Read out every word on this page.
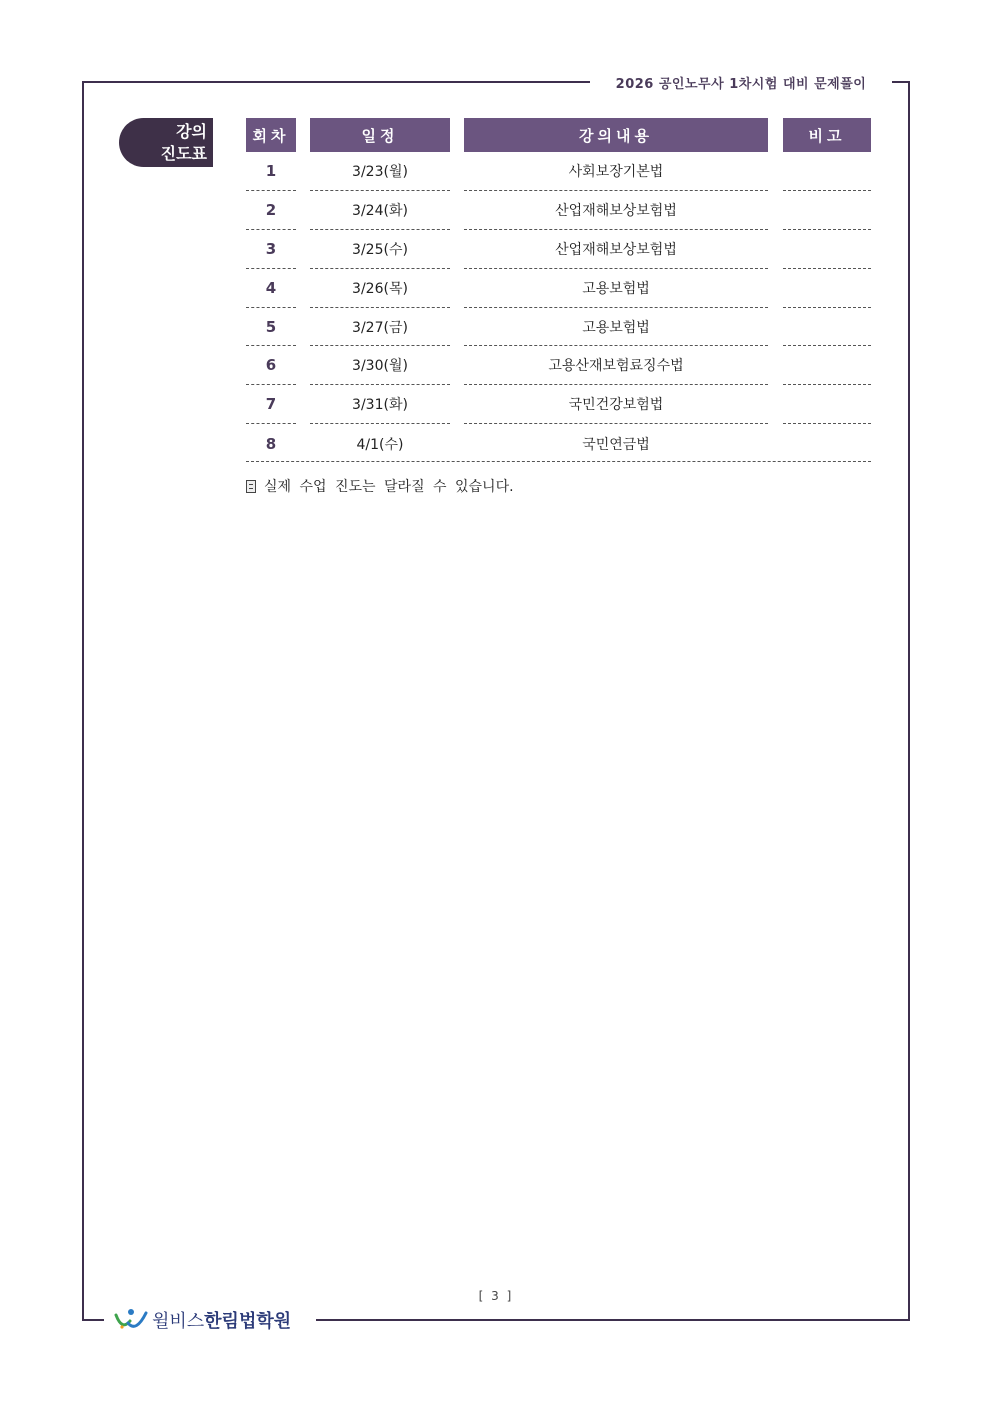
2026 공인노무사 1차시험 대비 문제풀이
강의
진도표
회차	일정	강의내용	비고
1	3/23(월)	사회보장기본법
2	3/24(화)	산업재해보상보험법
3	3/25(수)	산업재해보상보험법
4	3/26(목)	고용보험법
5	3/27(금)	고용보험법
6	3/30(월)	고용산재보험료징수법
7	3/31(화)	국민건강보험법
8	4/1(수)	국민연금법
실제 수업 진도는 달라질 수 있습니다.
[ 3 ]
윌비스한림법학원
